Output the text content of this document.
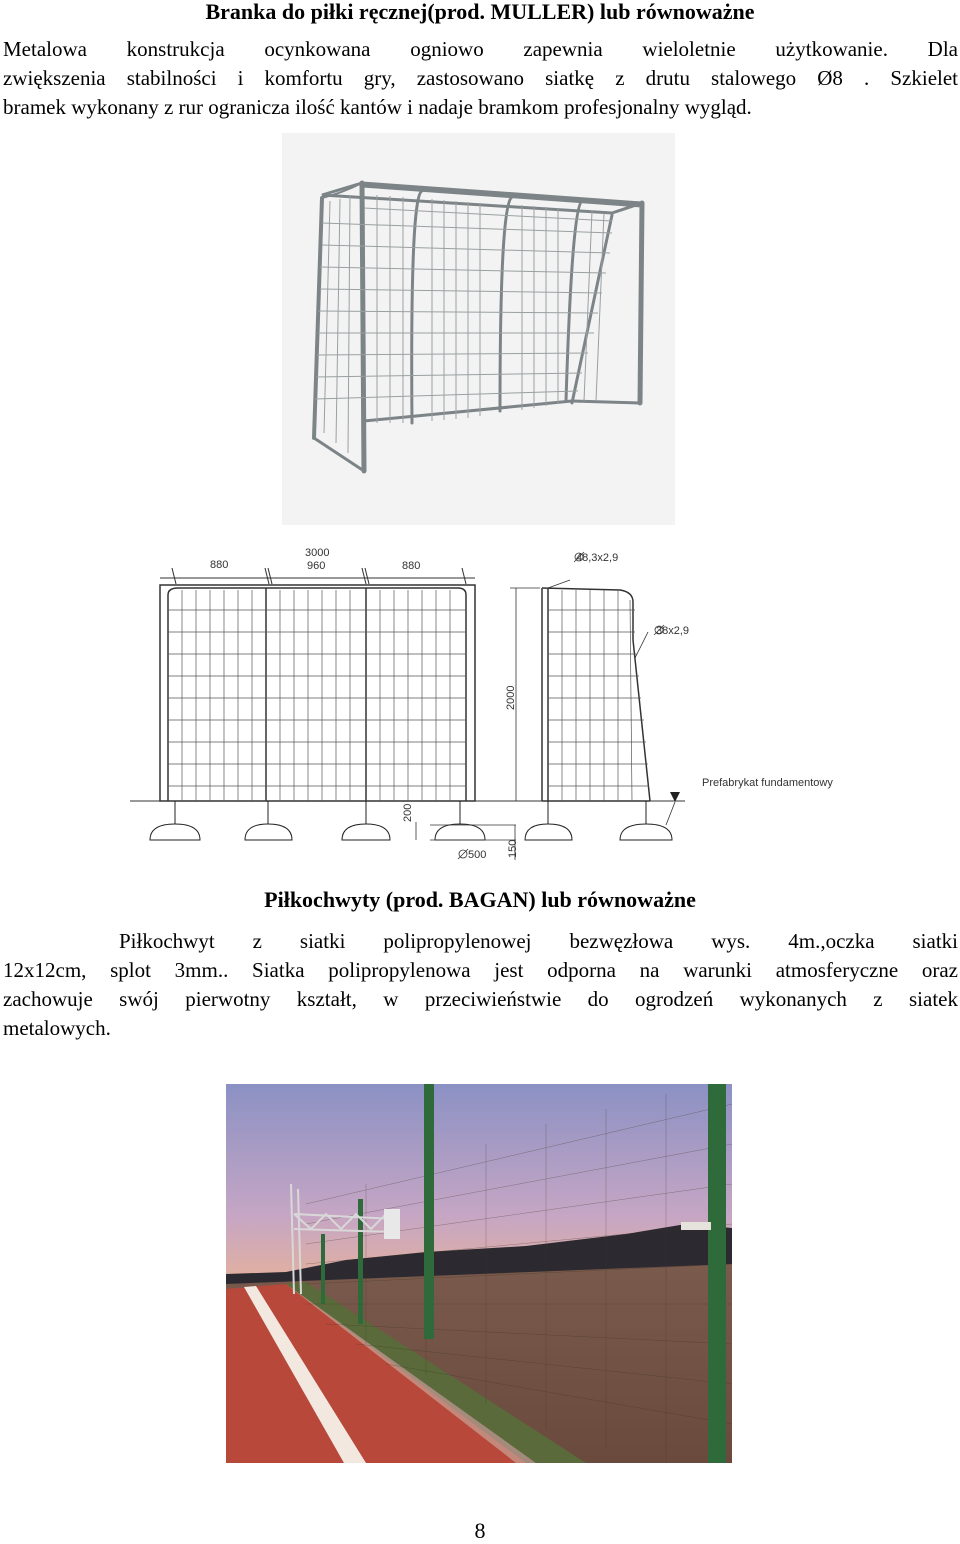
Branka do piłki ręcznej(prod. MULLER) lub równoważne
Metalowa konstrukcja ocynkowana ogniowo zapewnia wieloletnie użytkowanie. Dla
zwiększenia stabilności i komfortu gry, zastosowano siatkę z drutu stalowego Ø8 . Szkielet
bramek wykonany z rur ogranicza ilość kantów i nadaje bramkom profesjonalny wygląd.
880
3000
960	880
48,3x2,9
38x2,9
Prefabrykat fundamentowy
500
2000
200
150
Piłkochwyty (prod. BAGAN) lub równoważne
Piłkochwyt z siatki polipropylenowej bezwęzłowa wys. 4m.,oczka siatki
12x12cm, splot 3mm.. Siatka polipropylenowa jest odporna na warunki atmosferyczne oraz
zachowuje swój pierwotny kształt, w przeciwieństwie do ogrodzeń wykonanych z siatek
metalowych.
8
